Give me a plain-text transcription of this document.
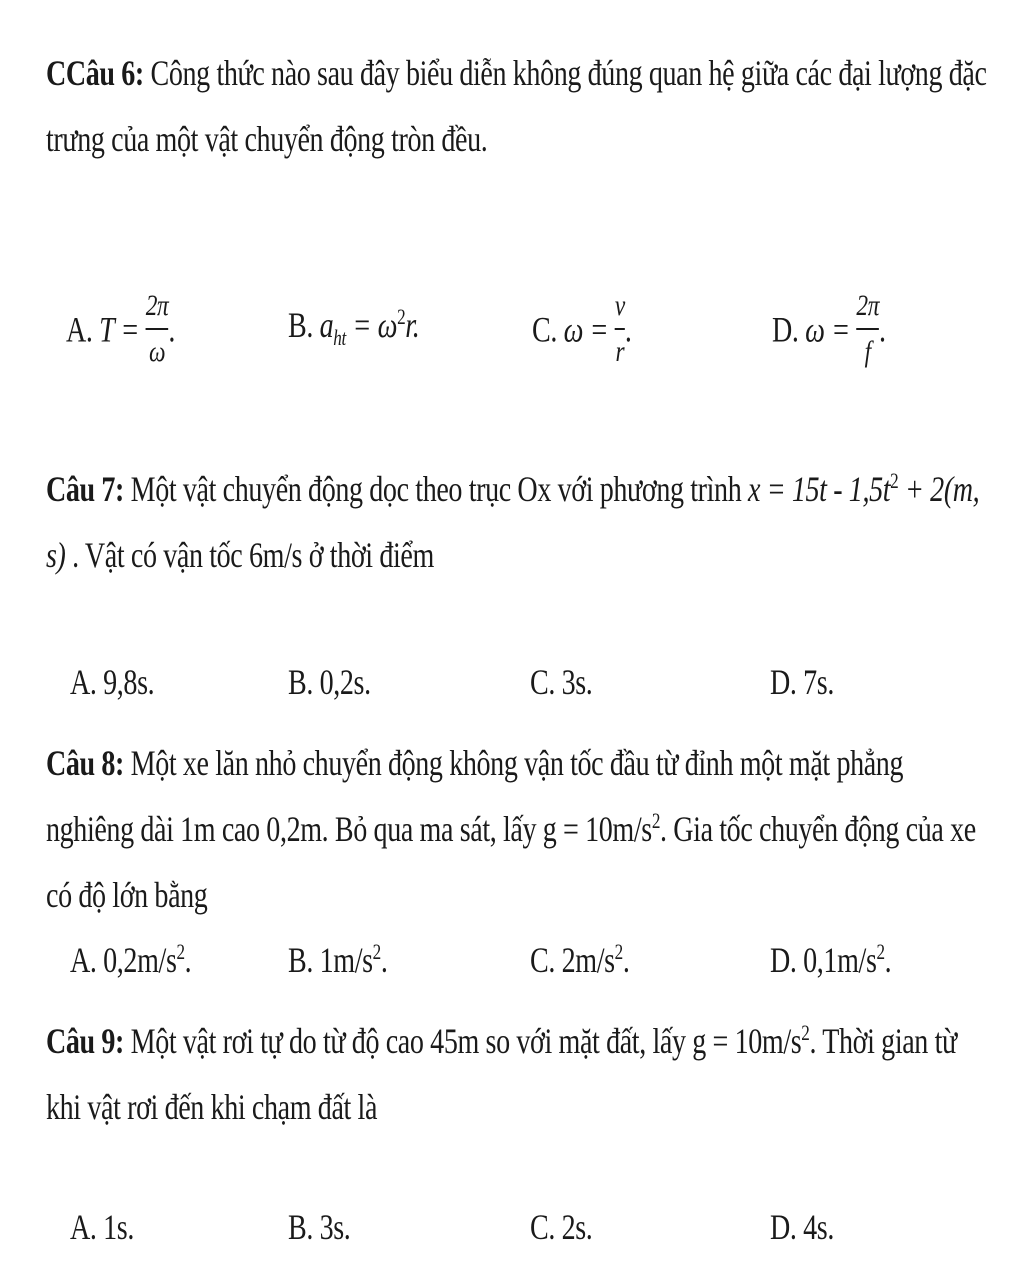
CCâu 6: Công thức nào sau đây biểu diễn không đúng quan hệ giữa các đại lượng đặc trưng của một vật chuyển động tròn đều.
A. $T = \frac{2\pi}{\omega}$ .	B. $a_{ht} = \omega^2r$.	C. $\omega = \frac{v}{r}$ .	D. $\omega = \frac{2\pi}{f}$ .
Câu 7: Một vật chuyển động dọc theo trục Ox với phương trình $x = 15t - 1,5t^2 + 2(m$, s) . Vật có vận tốc 6m/s ở thời điểm
A. 9,8s.	B. 0,2s.	C. 3s.	D. 7s.
Câu 8: Một xe lăn nhỏ chuyển động không vận tốc đầu từ đỉnh một mặt phẳng nghiêng dài 1m cao 0,2m. Bỏ qua ma sát, lấy $g = 10m/s^2$. Gia tốc chuyển động của xe có độ lớn bằng
A. $0,2m/s^2$.	B. $1m/s^2$.	C. $2m/s^2$.	D. $0,1m/s^2$.
Câu 9: Một vật rơi tự do từ độ cao 45m so với mặt đất, lấy $g = 10m/s^2$. Thời gian từ khi vật rơi đến khi chạm đất là
A. 1s.	B. 3s.	C. 2s.	D. 4s.
